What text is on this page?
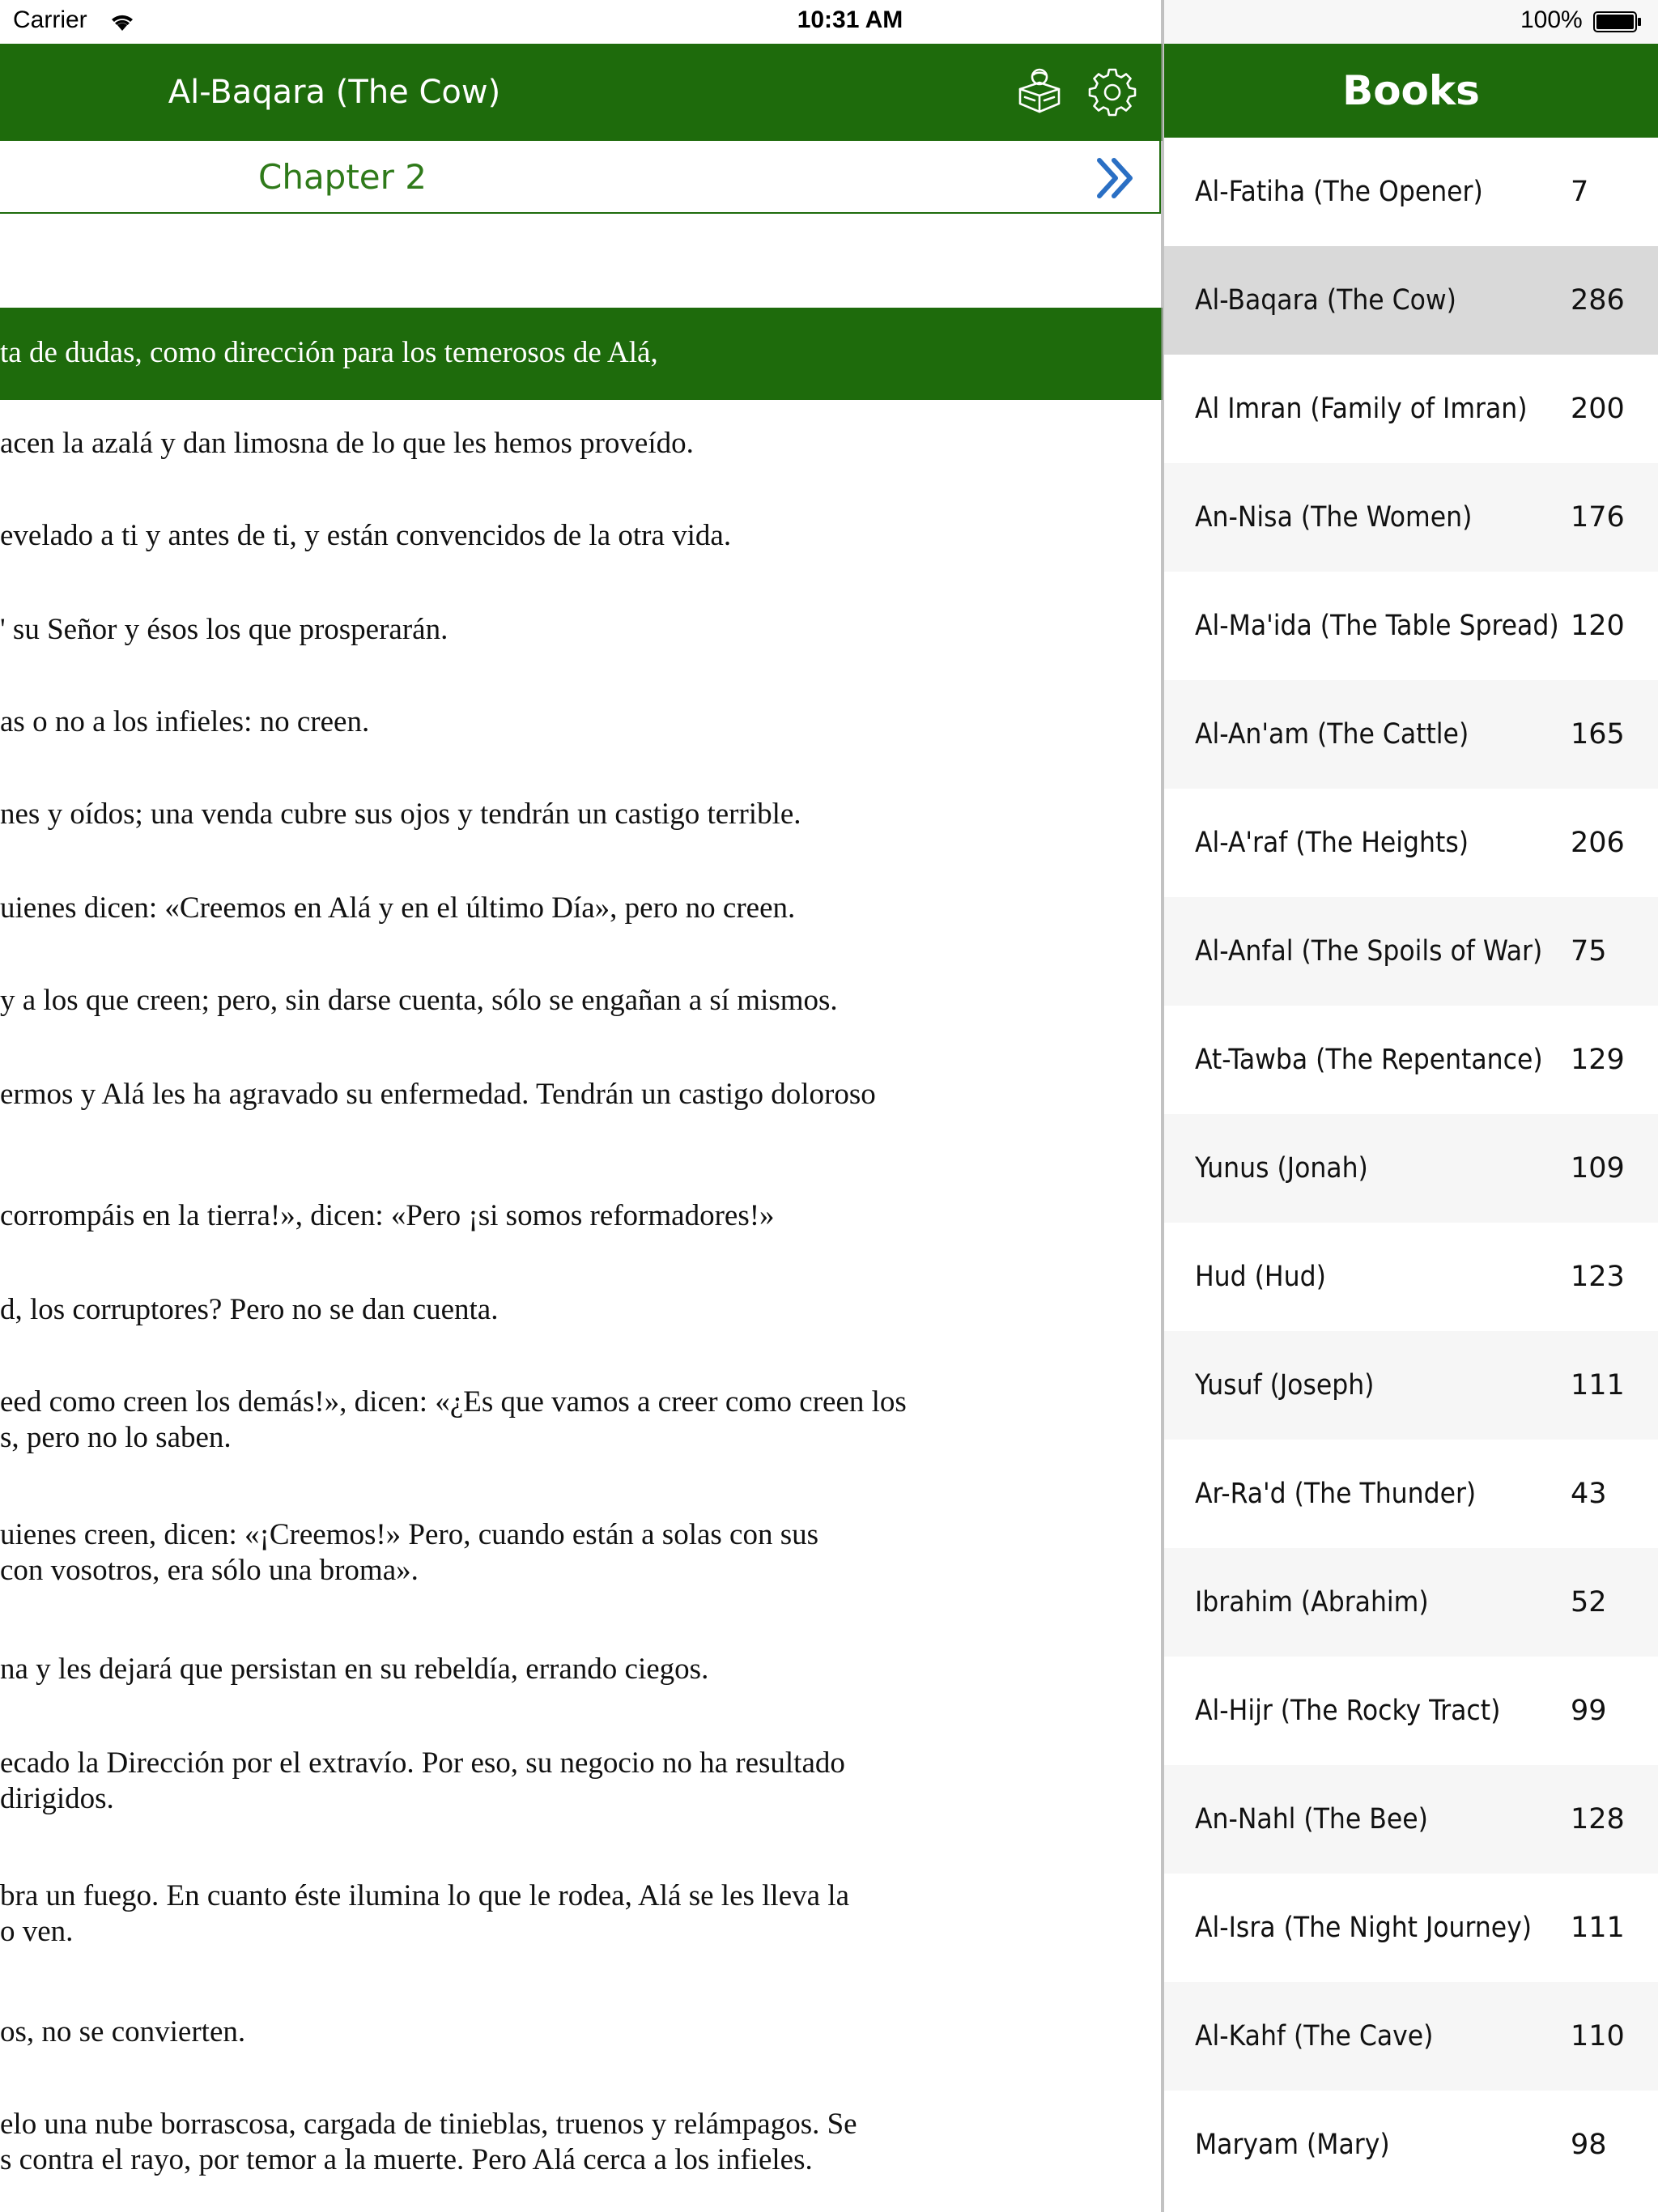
Carrier	10:31 AM	100%
Al-Baqara (The Cow)
Chapter 2
ta de dudas, como dirección para los temerosos de Alá,
acen la azalá y dan limosna de lo que les hemos proveído.
evelado a ti y antes de ti, y están convencidos de la otra vida.
' su Señor y ésos los que prosperarán.
as o no a los infieles: no creen.
nes y oídos; una venda cubre sus ojos y tendrán un castigo terrible.
uienes dicen: «Creemos en Alá y en el último Día», pero no creen.
y a los que creen; pero, sin darse cuenta, sólo se engañan a sí mismos.
ermos y Alá les ha agravado su enfermedad. Tendrán un castigo doloroso
corrompáis en la tierra!», dicen: «Pero ¡si somos reformadores!»
d, los corruptores? Pero no se dan cuenta.
eed como creen los demás!», dicen: «¿Es que vamos a creer como creen los
s, pero no lo saben.
uienes creen, dicen: «¡Creemos!» Pero, cuando están a solas con sus
con vosotros, era sólo una broma».
na y les dejará que persistan en su rebeldía, errando ciegos.
ecado la Dirección por el extravío. Por eso, su negocio no ha resultado
dirigidos.
bra un fuego. En cuanto éste ilumina lo que le rodea, Alá se les lleva la
o ven.
os, no se convierten.
elo una nube borrascosa, cargada de tinieblas, truenos y relámpagos. Se
s contra el rayo, por temor a la muerte. Pero Alá cerca a los infieles.
Books
Al-Fatiha (The Opener)	7
Al-Baqara (The Cow)	286
Al Imran (Family of Imran) 200
An-Nisa (The Women)	176
Al-Ma'ida (The Table Spread) 120
Al-An'am (The Cattle)	165
Al-A'raf (The Heights)	206
Al-Anfal (The Spoils of War) 75
At-Tawba (The Repentance) 129
Yunus (Jonah)	109
Hud (Hud)	123
Yusuf (Joseph)	111
Ar-Ra'd (The Thunder)	43
Ibrahim (Abrahim)	52
Al-Hijr (The Rocky Tract) 99
An-Nahl (The Bee)	128
Al-Isra (The Night Journey) 111
Al-Kahf (The Cave)	110
Maryam (Mary)	98
